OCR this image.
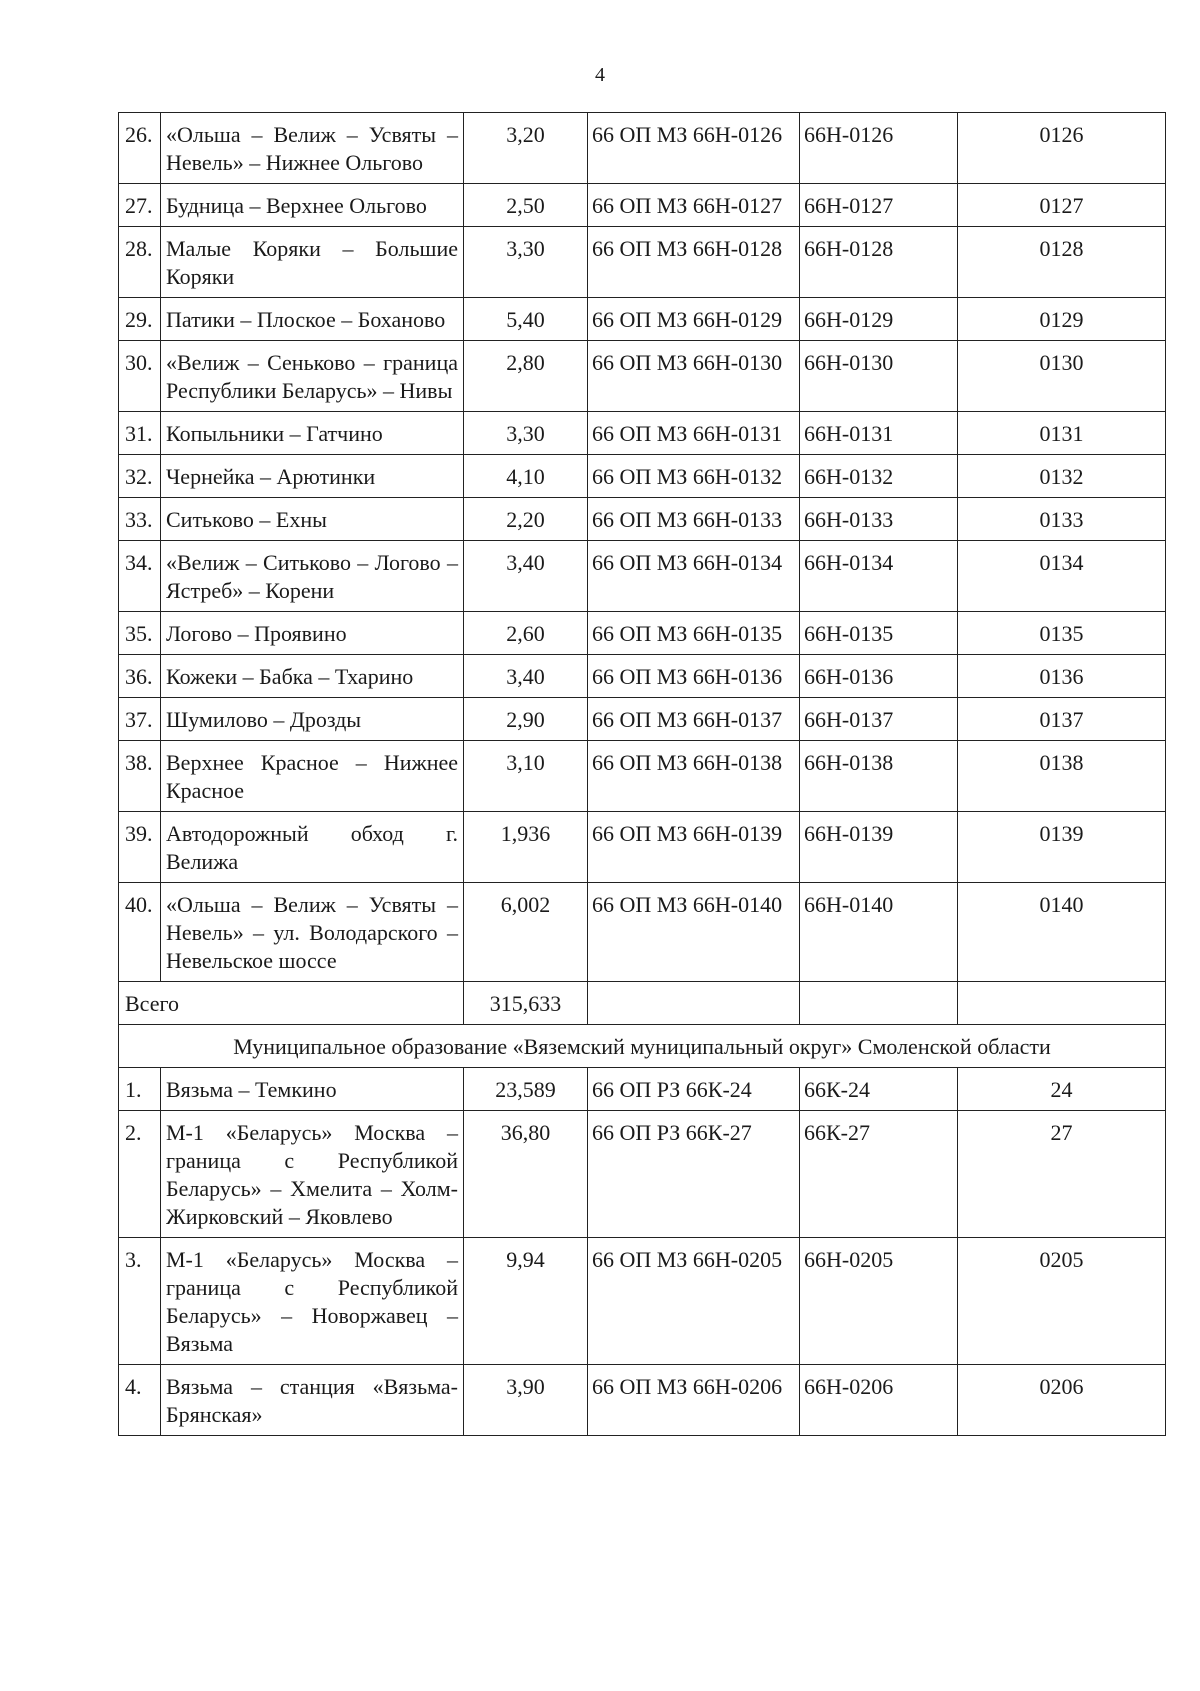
4
26.	«Ольша – Велиж – Усвяты – Невель» – Нижнее Ольгово	3,20	66 ОП МЗ 66Н-0126	66Н-0126	0126
27.	Будница – Верхнее Ольгово	2,50	66 ОП МЗ 66Н-0127	66Н-0127	0127
28.	Малые Коряки – Большие Коряки	3,30	66 ОП МЗ 66Н-0128	66Н-0128	0128
29.	Патики – Плоское – Боханово	5,40	66 ОП МЗ 66Н-0129	66Н-0129	0129
30.	«Велиж – Сеньково – граница Республики Беларусь» – Нивы	2,80	66 ОП МЗ 66Н-0130	66Н-0130	0130
31.	Копыльники – Гатчино	3,30	66 ОП МЗ 66Н-0131	66Н-0131	0131
32.	Чернейка – Арютинки	4,10	66 ОП МЗ 66Н-0132	66Н-0132	0132
33.	Ситьково – Ехны	2,20	66 ОП МЗ 66Н-0133	66Н-0133	0133
34.	«Велиж – Ситьково – Логово – Ястреб» – Корени	3,40	66 ОП МЗ 66Н-0134	66Н-0134	0134
35.	Логово – Проявино	2,60	66 ОП МЗ 66Н-0135	66Н-0135	0135
36.	Кожеки – Бабка – Тхарино	3,40	66 ОП МЗ 66Н-0136	66Н-0136	0136
37.	Шумилово – Дрозды	2,90	66 ОП МЗ 66Н-0137	66Н-0137	0137
38.	Верхнее Красное – Нижнее Красное	3,10	66 ОП МЗ 66Н-0138	66Н-0138	0138
39.	Автодорожный обход г. Велижа	1,936	66 ОП МЗ 66Н-0139	66Н-0139	0139
40.	«Ольша – Велиж – Усвяты – Невель» – ул. Володарского – Невельское шоссе	6,002	66 ОП МЗ 66Н-0140	66Н-0140	0140
Всего		315,633			
Муниципальное образование «Вяземский муниципальный округ» Смоленской области					
1.	Вязьма – Темкино	23,589	66 ОП РЗ 66К-24	66К-24	24
2.	М-1 «Беларусь» Москва – граница с Республикой Беларусь» – Хмелита – Холм-Жирковский – Яковлево	36,80	66 ОП РЗ 66К-27	66К-27	27
3.	М-1 «Беларусь» Москва – граница с Республикой Беларусь» – Новоржавец – Вязьма	9,94	66 ОП МЗ 66Н-0205	66Н-0205	0205
4.	Вязьма – станция «Вязьма-Брянская»	3,90	66 ОП МЗ 66Н-0206	66Н-0206	0206
